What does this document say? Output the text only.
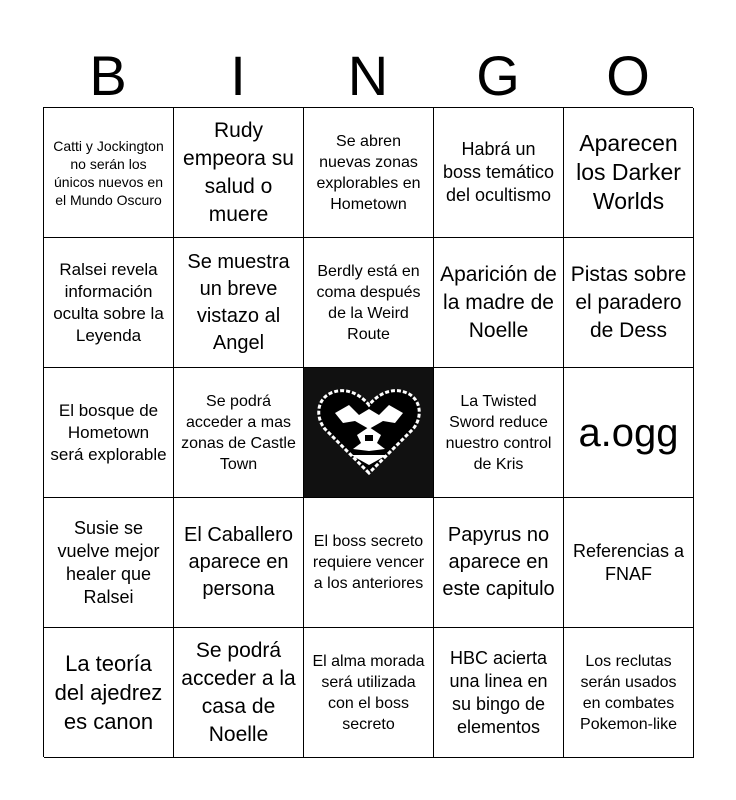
B	I	N	G	O
Catti y Jockington no serán los únicos nuevos en el Mundo Oscuro
Rudy empeora su salud o muere
Se abren nuevas zonas explorables en Hometown
Habrá un boss temático del ocultismo
Aparecen los Darker Worlds
Ralsei revela información oculta sobre la Leyenda
Se muestra un breve vistazo al Angel
Berdly está en coma después de la Weird Route
Aparición de la madre de Noelle
Pistas sobre el paradero de Dess
El bosque de Hometown será explorable
Se podrá acceder a mas zonas de Castle Town
La Twisted Sword reduce nuestro control de Kris
a.ogg
Susie se vuelve mejor healer que Ralsei
El Caballero aparece en persona
El boss secreto requiere vencer a los anteriores
Papyrus no aparece en este capitulo
Referencias a FNAF
La teoría del ajedrez es canon
Se podrá acceder a la casa de Noelle
El alma morada será utilizada con el boss secreto
HBC acierta una linea en su bingo de elementos
Los reclutas serán usados en combates Pokemon-like
